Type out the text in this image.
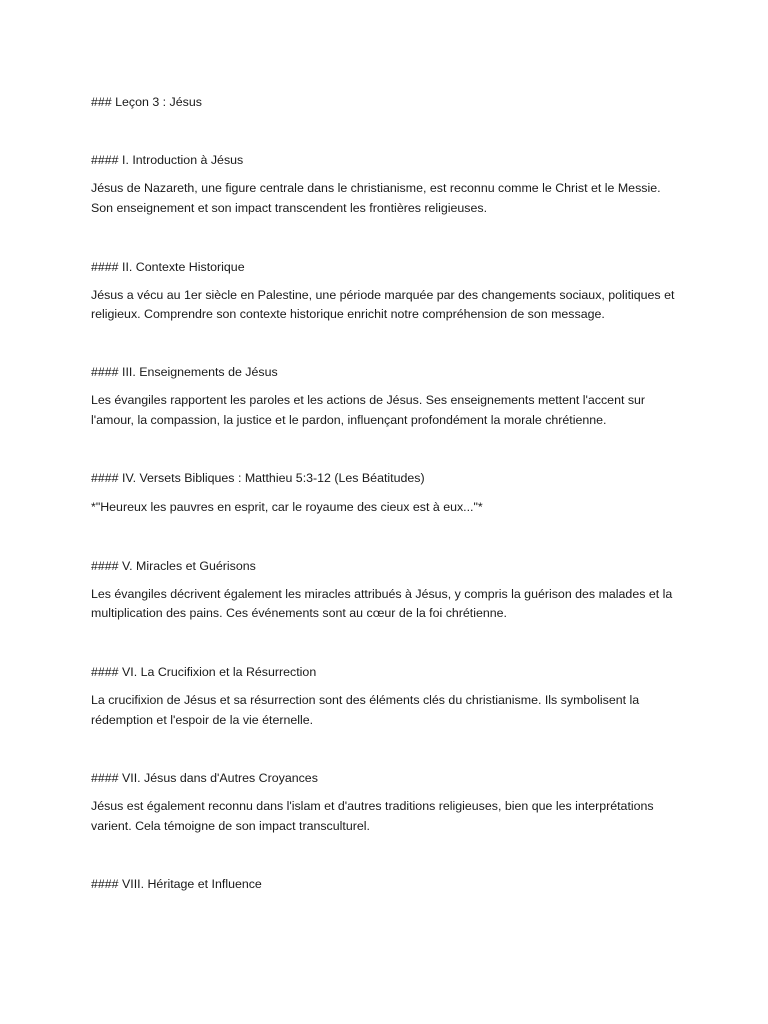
### Leçon 3 : Jésus

#### I. Introduction à Jésus

Jésus de Nazareth, une figure centrale dans le christianisme, est reconnu comme le Christ et le Messie.

Son enseignement et son impact transcendent les frontières religieuses.

#### II. Contexte Historique

Jésus a vécu au 1er siècle en Palestine, une période marquée par des changements sociaux, politiques et

religieux. Comprendre son contexte historique enrichit notre compréhension de son message.

#### III. Enseignements de Jésus

Les évangiles rapportent les paroles et les actions de Jésus. Ses enseignements mettent l'accent sur

l'amour, la compassion, la justice et le pardon, influençant profondément la morale chrétienne.

#### IV. Versets Bibliques : Matthieu 5:3-12 (Les Béatitudes)

*"Heureux les pauvres en esprit, car le royaume des cieux est à eux..."*

#### V. Miracles et Guérisons

Les évangiles décrivent également les miracles attribués à Jésus, y compris la guérison des malades et la

multiplication des pains. Ces événements sont au cœur de la foi chrétienne.

#### VI. La Crucifixion et la Résurrection

La crucifixion de Jésus et sa résurrection sont des éléments clés du christianisme. Ils symbolisent la

rédemption et l'espoir de la vie éternelle.

#### VII. Jésus dans d'Autres Croyances

Jésus est également reconnu dans l'islam et d'autres traditions religieuses, bien que les interprétations

varient. Cela témoigne de son impact transculturel.

#### VIII. Héritage et Influence
